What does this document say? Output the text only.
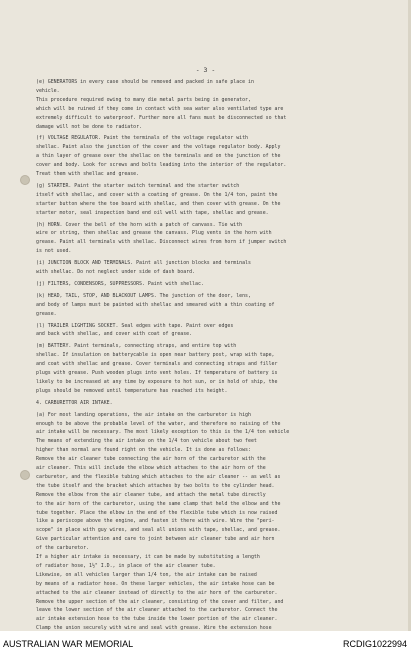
- 3 -
(e) GENERATORS in every case should be removed and packed in safe place in
vehicle.
This procedure required owing to many die metal parts being in generator,
which will be ruined if they come in contact with sea water also ventilated type are
extremely difficult to waterproof. Further more all fans must be disconnected so that
damage will not be done to radiator.
(f) VOLTAGE REGULATOR. Paint the terminals of the voltage regulator with
shellac. Paint also the junction of the cover and the voltage regulator body. Apply
a thin layer of grease over the shellac on the terminals and on the junction of the
cover and body. Look for screws and bolts leading into the interior of the regulator.
Treat them with shellac and grease.
(g) STARTER. Paint the starter switch terminal and the starter switch
itself with shellac, and cover with a coating of grease. On the 1/4 ton, paint the
starter button where the toe board with shellac, and then cover with grease. On the
starter motor, seal inspection band end oil well with tape, shellac and grease.
(h) HORN. Cover the bell of the horn with a patch of canvass. Tie with
wire or string, then shellac and grease the canvass. Plug vents in the horn with
grease. Paint all terminals with shellac. Disconnect wires from horn if jumper switch
is not used.
(i) JUNCTION BLOCK AND TERMINALS. Paint all junction blocks and terminals
with shellac. Do not neglect under side of dash board.
(j) FILTERS, CONDENSORS, SUPPRESSORS. Paint with shellac.
(k) HEAD, TAIL, STOP, AND BLACKOUT LAMPS. The junction of the door, lens,
and body of lamps must be painted with shellac and smeared with a thin coating of
grease.
(l) TRAILER LIGHTING SOCKET. Seal edges with tape. Paint over edges
and back with shellac, and cover with coat of grease.
(m) BATTERY. Paint terminals, connecting straps, and entire top with
shellac. If insulation on batterycable is open near battery post, wrap with tape,
and coat with shellac and grease. Cover terminals and connecting straps and filler
plugs with grease. Push wooden plugs into vent holes. If temperature of battery is
likely to be increased at any time by exposure to hot sun, or in hold of ship, the
plugs should be removed until temperature has reached its height.
4. CARBURETTOR AIR INTAKE.
(a) For most landing operations, the air intake on the carburetor is high
enough to be above the probable level of the water, and therefore no raising of the
air intake will be necessary. The most likely exception to this is the 1/4 ton vehicle
The means of extending the air intake on the 1/4 ton vehicle about two feet
higher than normal are found right on the vehicle. It is done as follows:
Remove the air cleaner tube connecting the air horn of the carburetor with the
air cleaner. This will include the elbow which attaches to the air horn of the
carburetor, and the flexible tubing which attaches to the air cleaner -- as well as
the tube itself and the bracket which attaches by two bolts to the cylinder head.
Remove the elbow from the air cleaner tube, and attach the metal tube directly
to the air horn of the carburetor, using the same clamp that held the elbow and the
tube together. Place the elbow in the end of the flexible tube which is now raised
like a periscope above the engine, and fasten it there with wire. Wire the "peri-
scope" in place with guy wires, and seal all unions with tape, shellac, and grease.
Give particular attention and care to joint between air cleaner tube and air horn
of the carburetor.
If a higher air intake is necessary, it can be made by substituting a length
of radiator hose, 1½" I.D., in place of the air cleaner tube.
Likewise, on all vehicles larger than 1/4 ton, the air intake can be raised
by means of a radiator hose. On these larger vehicles, the air intake hose can be
attached to the air cleaner instead of directly to the air horn of the carburetor.
Remove the upper section of the air cleaner, consisting of the cover and filter, and
leave the lower section of the air cleaner attached to the carburetor. Connect the
air intake extension hose to the tube inside the lower portion of the air cleaner.
Clamp the union securely with wire and seal with grease. Wire the extension hose
AUSTRALIAN WAR MEMORIAL	RCDIG1022994
